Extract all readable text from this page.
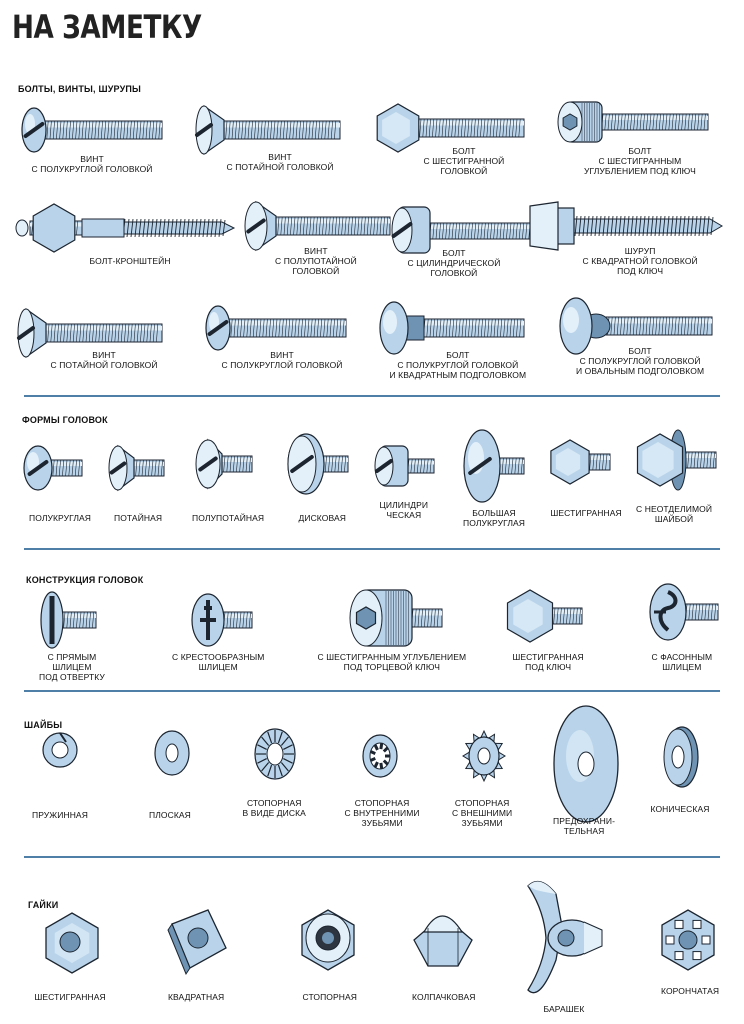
НА ЗАМЕТКУ
БОЛТЫ, ВИНТЫ, ШУРУПЫ
ВИНТ
С ПОЛУКРУГЛОЙ ГОЛОВКОЙ
ВИНТ
С ПОТАЙНОЙ ГОЛОВКОЙ
БОЛТ
С ШЕСТИГРАННОЙ
ГОЛОВКОЙ
БОЛТ
С ШЕСТИГРАННЫМ
УГЛУБЛЕНИЕМ ПОД КЛЮЧ
БОЛТ-КРОНШТЕЙН
ВИНТ
С ПОЛУПОТАЙНОЙ
ГОЛОВКОЙ
БОЛТ
С ЦИЛИНДРИЧЕСКОЙ
ГОЛОВКОЙ
ШУРУП
С КВАДРАТНОЙ ГОЛОВКОЙ
ПОД КЛЮЧ
ВИНТ
С ПОТАЙНОЙ ГОЛОВКОЙ
ВИНТ
С ПОЛУКРУГЛОЙ ГОЛОВКОЙ
БОЛТ
С ПОЛУКРУГЛОЙ ГОЛОВКОЙ
И КВАДРАТНЫМ ПОДГОЛОВКОМ
БОЛТ
С ПОЛУКРУГЛОЙ ГОЛОВКОЙ
И ОВАЛЬНЫМ ПОДГОЛОВКОМ
ФОРМЫ ГОЛОВОК
ПОЛУКРУГЛАЯ	ПОТАЙНАЯ	ПОЛУПОТАЙНАЯ	ДИСКОВАЯ
ЦИЛИНДРИ
ЧЕСКАЯ	БОЛЬШАЯ
ПОЛУКРУГЛАЯ
ШЕСТИГРАННАЯ С НЕОТДЕЛИМОЙ
ШАЙБОЙ
КОНСТРУКЦИЯ ГОЛОВОК
С ПРЯМЫМ
ШЛИЦЕМ
ПОД ОТВЕРТКУ
С КРЕСТООБРАЗНЫМ
ШЛИЦЕМ
С ШЕСТИГРАННЫМ УГЛУБЛЕНИЕМ
ПОД ТОРЦЕВОЙ КЛЮЧ
ШЕСТИГРАННАЯ
ПОД КЛЮЧ
С ФАСОННЫМ
ШЛИЦЕМ
ШАЙБЫ
ПРУЖИННАЯ	ПЛОСКАЯ
СТОПОРНАЯ
В ВИДЕ ДИСКА
СТОПОРНАЯ
С ВНУТРЕННИМИ
ЗУБЬЯМИ
СТОПОРНАЯ
С ВНЕШНИМИ
ЗУБЬЯМИ	ПРЕДОХРАНИ-
ТЕЛЬНАЯ
КОНИЧЕСКАЯ
ГАЙКИ
ШЕСТИГРАННАЯ	КВАДРАТНАЯ	СТОПОРНАЯ	КОЛПАЧКОВАЯ
БАРАШЕК
КОРОНЧАТАЯ
